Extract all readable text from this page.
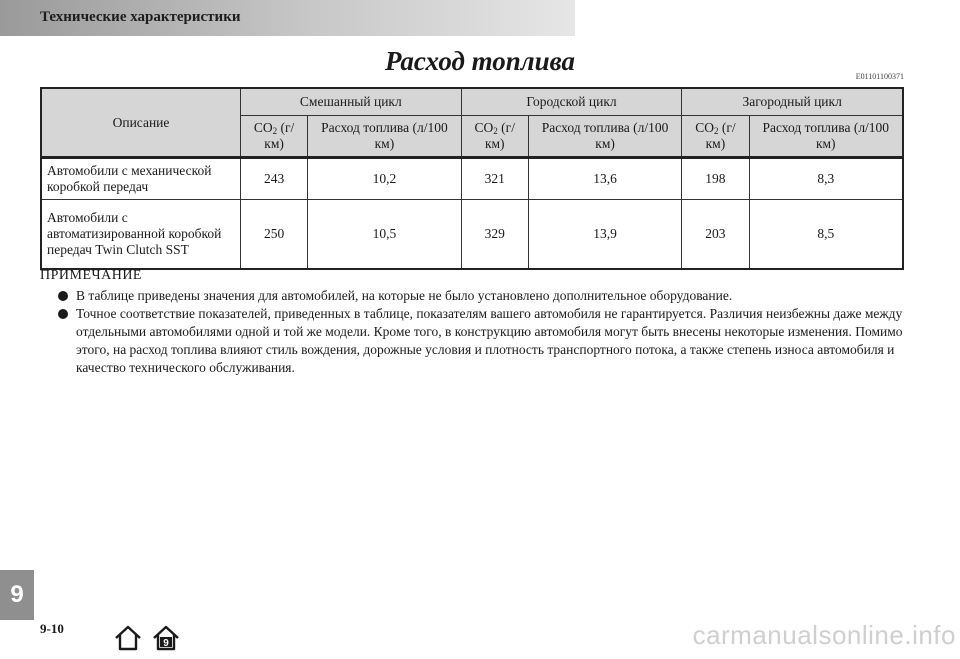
Технические характеристики
Расход топлива
E01101100371
Описание	Смешанный цикл		Городской цикл		Загородный цикл	
	$CO_2$ (г/км)	Расход топлива (л/100 км)	$CO_2$ (г/км)	Расход топлива (л/100 км)	$CO_2$ (г/км)	Расход топлива (л/100 км)
Автомобили с механической коробкой передач	243	10,2	321	13,6	198	8,3
Автомобили с автоматизированной коробкой передач Twin Clutch SST	250	10,5	329	13,9	203	8,5
ПРИМЕЧАНИЕ
В таблице приведены значения для автомобилей, на которые не было установлено дополнительное оборудование.
Точное соответствие показателей, приведенных в таблице, показателям вашего автомобиля не гарантируется. Различия неизбежны даже между отдельными автомобилями одной и той же модели. Кроме того, в конструкцию автомобиля могут быть внесены некоторые изменения. Помимо этого, на расход топлива влияют стиль вождения, дорожные условия и плотность транспортного потока, а также степень износа автомобиля и качество технического обслуживания.
9
9-10
9	carmanualsonline.info
